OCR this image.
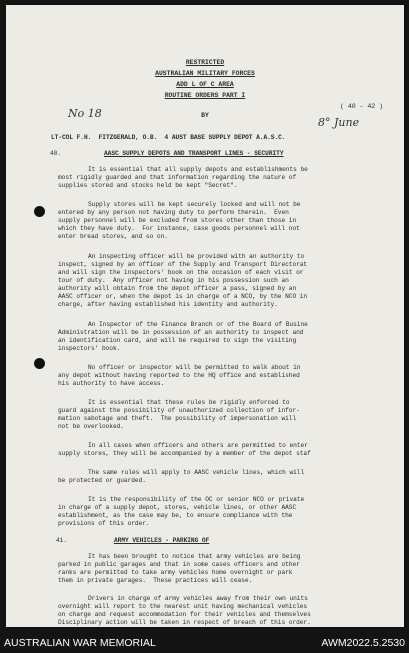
RESTRICTED
AUSTRALIAN MILITARY FORCES
ADD L OF C AREA
ROUTINE ORDERS PART I
BY
No 18
( 40 - 42 )
8° June
LT-COL F.H.  FITZGERALD, O.B.  4 AUST BASE SUPPLY DEPOT A.A.S.C.
40.	AASC SUPPLY DEPOTS AND TRANSPORT LINES - SECURITY
It is essential that all supply depots and establishments be
most rigidly guarded and that information regarding the nature of
supplies stored and stocks held be kept "Secret".
Supply stores will be kept securely locked and will not be
entered by any person not having duty to perform therein.  Even
supply personnel will be excluded from stores other than those in
which they have duty.  For instance, case goods personnel will not
enter bread stores, and so on.
An inspecting officer will be provided with an authority to
inspect, signed by an officer of the Supply and Transport Directorat
and will sign the inspectors' book on the occasion of each visit or
tour of duty.  Any officer not having in his possession such an
authority will obtain from the depot officer a pass, signed by an
AASC officer or, when the depot is in charge of a NCO, by the NCO in
charge, after having established his identity and authority.
An Inspector of the Finance Branch or of the Board of Busine
Administration will be in possession of an authority to inspect and
an identification card, and will be required to sign the visiting
inspectors' book.
No officer or inspector will be permitted to walk about in
any depot without having reported to the HQ office and established
his authority to have access.
It is essential that these rules be rigidly enforced to
guard against the possibility of unauthorized collection of infor-
mation sabotage and theft.  The possibility of impersonation will
not be overlooked.
In all cases when officers and others are permitted to enter
supply stores, they will be accompanied by a member of the depot staf
The same rules will apply to AASC vehicle lines, which will
be protected or guarded.
It is the responsibility of the OC or senior NCO or private
in charge of a supply depot, stores, vehicle lines, or other AASC
establishment, as the case may be, to ensure compliance with the
provisions of this order.
41.	ARMY VEHICLES - PARKING OF
It has been brought to notice that army vehicles are being
parked in public garages and that in some cases officers and other
ranks are permitted to take army vehicles home overnight or park
them in private garages.  These practices will cease.
Drivers in charge of army vehicles away from their own units
overnight will report to the nearest unit having mechanical vehicles
on charge and request accommodation for their vehicles and themselves
Disciplinary action will be taken in respect of breach of this order.
AUSTRALIAN WAR MEMORIAL	AWM2022.5.2530
